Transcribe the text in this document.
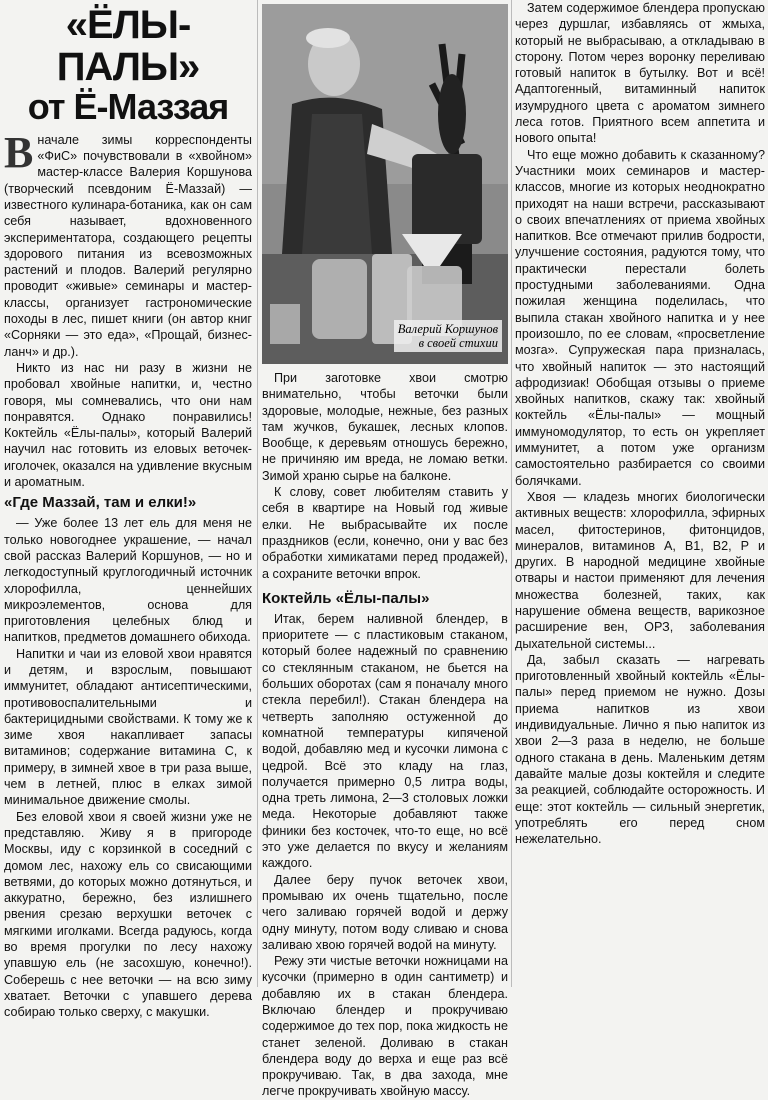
«ЁЛЫ-ПАЛЫ»
от Ё-Маззая

Вначале зимы корреспонденты «ФиС» почувствовали в «хвойном» мастер-классе Валерия Коршунова (творческий псевдоним Ё-Маззай) — известного кулинара-ботаника, как он сам себя называет, вдохновенного экспериментатора, создающего рецепты здорового питания из всевозможных растений и плодов. Валерий регулярно проводит «живые» семинары и мастер-классы, организует гастрономические походы в лес, пишет книги (он автор книг «Сорняки — это еда», «Прощай, бизнес-ланч» и др.).

Никто из нас ни разу в жизни не пробовал хвойные напитки, и, честно говоря, мы сомневались, что они нам понравятся. Однако понравились! Коктейль «Ёлы-палы», который Валерий научил нас готовить из еловых веточек-иголочек, оказался на удивление вкусным и ароматным.

«Где Маззай, там и елки!»

— Уже более 13 лет ель для меня не только новогоднее украшение, — начал свой рассказ Валерий Коршунов, — но и легкодоступный круглогодичный источник хлорофилла, ценнейших микроэлементов, основа для приготовления целебных блюд и напитков, предметов домашнего обихода.

Напитки и чаи из еловой хвои нравятся и детям, и взрослым, повышают иммунитет, обладают антисептическими, противовоспалительными и бактерицидными свойствами. К тому же к зиме хвоя накапливает запасы витаминов; содержание витамина С, к примеру, в зимней хвое в три раза выше, чем в летней, плюс в елках зимой минимальное движение смолы.

Без еловой хвои я своей жизни уже не представляю. Живу я в пригороде Москвы, иду с корзинкой в соседний с домом лес, нахожу ель со свисающими ветвями, до которых можно дотянуться, и аккуратно, бережно, без излишнего рвения срезаю верхушки веточек с мягкими иголками. Всегда радуюсь, когда во время прогулки по лесу нахожу упавшую ель (не засохшую, конечно!). Соберешь с нее веточки — на всю зиму хватает. Веточки с упавшего дерева собираю только сверху, с макушки.

Валерий Коршунов
в своей стихии

При заготовке хвои смотрю внимательно, чтобы веточки были здоровые, молодые, нежные, без разных там жучков, букашек, лесных клопов. Вообще, к деревьям отношусь бережно, не причиняю им вреда, не ломаю ветки. Зимой храню сырье на балконе.

К слову, совет любителям ставить у себя в квартире на Новый год живые елки. Не выбрасывайте их после праздников (если, конечно, они у вас без обработки химикатами перед продажей), а сохраните веточки впрок.

Коктейль «Ёлы-палы»

Итак, берем наливной блендер, в приоритете — с пластиковым стаканом, который более надежный по сравнению со стеклянным стаканом, не бьется на больших оборотах (сам я поначалу много стекла перебил!). Стакан блендера на четверть заполняю остуженной до комнатной температуры кипяченой водой, добавляю мед и кусочки лимона с цедрой. Всё это кладу на глаз, получается примерно 0,5 литра воды, одна треть лимона, 2—3 столовых ложки меда. Некоторые добавляют также финики без косточек, что-то еще, но всё это уже делается по вкусу и желаниям каждого.

Далее беру пучок веточек хвои, промываю их очень тщательно, после чего заливаю горячей водой и держу одну минуту, потом воду сливаю и снова заливаю хвою горячей водой на минуту.

Режу эти чистые веточки ножницами на кусочки (примерно в один сантиметр) и добавляю их в стакан блендера. Включаю блендер и прокручиваю содержимое до тех пор, пока жидкость не станет зеленой. Доливаю в стакан блендера воду до верха и еще раз всё прокручиваю. Так, в два захода, мне легче прокручивать хвойную массу.

Затем содержимое блендера пропускаю через дуршлаг, избавляясь от жмыха, который не выбрасываю, а откладываю в сторону. Потом через воронку переливаю готовый напиток в бутылку. Вот и всё! Адаптогенный, витаминный напиток изумрудного цвета с ароматом зимнего леса готов. Приятного всем аппетита и нового опыта!

Что еще можно добавить к сказанному? Участники моих семинаров и мастер-классов, многие из которых неоднократно приходят на наши встречи, рассказывают о своих впечатлениях от приема хвойных напитков. Все отмечают прилив бодрости, улучшение состояния, радуются тому, что практически перестали болеть простудными заболеваниями. Одна пожилая женщина поделилась, что выпила стакан хвойного напитка и у нее произошло, по ее словам, «просветление мозга». Супружеская пара призналась, что хвойный напиток — это настоящий афродизиак! Обобщая отзывы о приеме хвойных напитков, скажу так: хвойный коктейль «Ёлы-палы» — мощный иммуномодулятор, то есть он укрепляет иммунитет, а потом уже организм самостоятельно разбирается со своими болячками.

Хвоя — кладезь многих биологически активных веществ: хлорофилла, эфирных масел, фитостеринов, фитонцидов, минералов, витаминов А, В1, В2, Р и других. В народной медицине хвойные отвары и настои применяют для лечения множества болезней, таких, как нарушение обмена веществ, варикозное расширение вен, ОРЗ, заболевания дыхательной системы...

Да, забыл сказать — нагревать приготовленный хвойный коктейль «Ёлы-палы» перед приемом не нужно. Дозы приема напитков из хвои индивидуальные. Лично я пью напиток из хвои 2—3 раза в неделю, не больше одного стакана в день. Маленьким детям давайте малые дозы коктейля и следите за реакцией, соблюдайте осторожность. И еще: этот коктейль — сильный энергетик, употреблять его перед сном нежелательно.
